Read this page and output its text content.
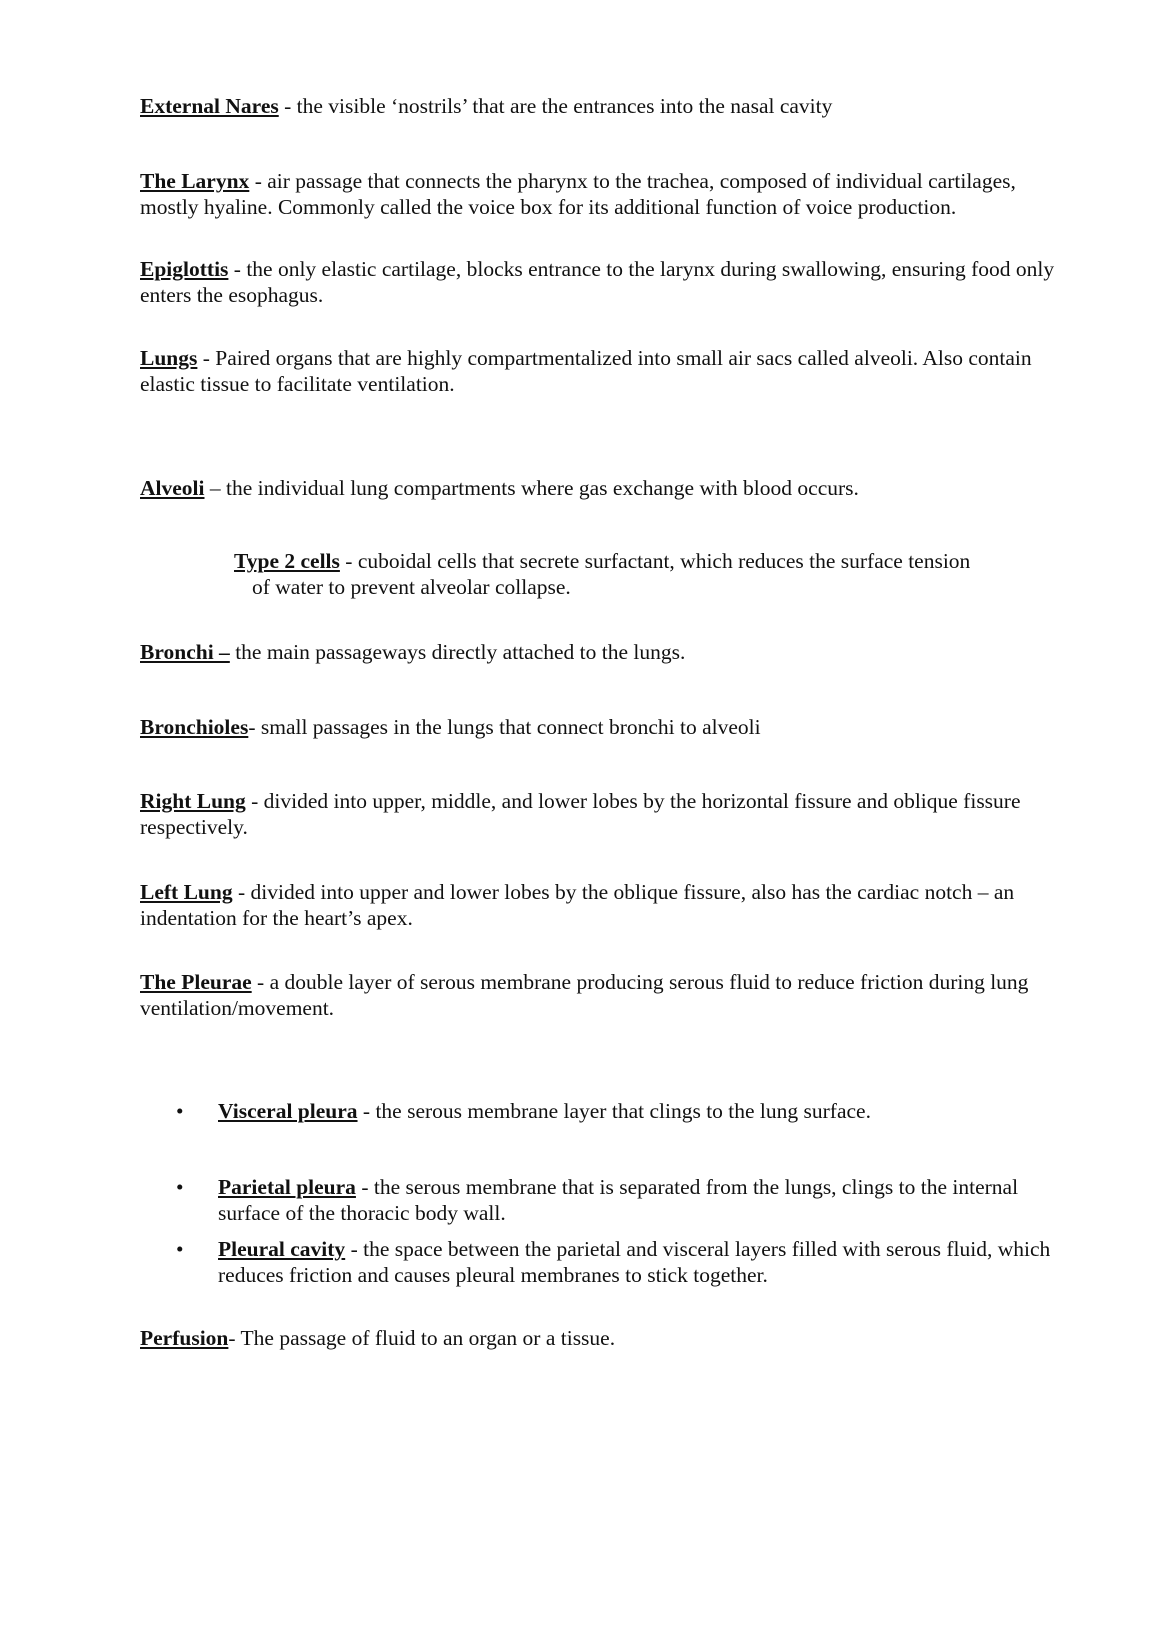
External Nares - the visible ‘nostrils’ that are the entrances into the nasal cavity

The Larynx - air passage that connects the pharynx to the trachea, composed of individual cartilages, mostly hyaline. Commonly called the voice box for its additional function of voice production.

Epiglottis - the only elastic cartilage, blocks entrance to the larynx during swallowing, ensuring food only enters the esophagus.

Lungs - Paired organs that are highly compartmentalized into small air sacs called alveoli. Also contain elastic tissue to facilitate ventilation.

Alveoli – the individual lung compartments where gas exchange with blood occurs.

Type 2 cells - cuboidal cells that secrete surfactant, which reduces the surface tension
of water to prevent alveolar collapse.

Bronchi – the main passageways directly attached to the lungs.

Bronchioles- small passages in the lungs that connect bronchi to alveoli

Right Lung - divided into upper, middle, and lower lobes by the horizontal fissure and oblique fissure respectively.

Left Lung - divided into upper and lower lobes by the oblique fissure, also has the cardiac notch – an indentation for the heart’s apex.

The Pleurae - a double layer of serous membrane producing serous fluid to reduce friction during lung ventilation/movement.

•	Visceral pleura - the serous membrane layer that clings to the lung surface.
•	Parietal pleura - the serous membrane that is separated from the lungs, clings to the internal surface of the thoracic body wall.
•	Pleural cavity - the space between the parietal and visceral layers filled with serous fluid, which reduces friction and causes pleural membranes to stick together.

Perfusion- The passage of fluid to an organ or a tissue.
